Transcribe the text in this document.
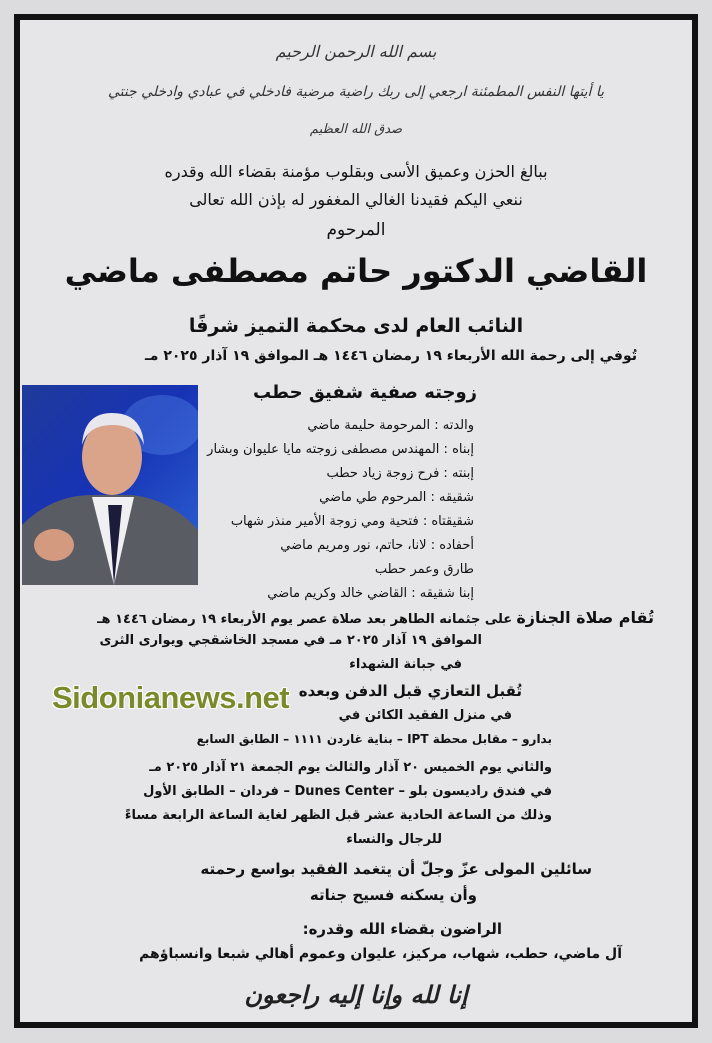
بسم الله الرحمن الرحيم
يا أيتها النفس المطمئنة ارجعي إلى ربك راضية مرضية فادخلي في عبادي وادخلي جنتي
صدق الله العظيم
ببالغ الحزن وعميق الأسى وبقلوب مؤمنة بقضاء الله وقدره
ننعي اليكم فقيدنا الغالي المغفور له بإذن الله تعالى
المرحوم
القاضي الدكتور حاتم مصطفى ماضي
النائب العام لدى محكمة التميز شرفًا
تُوفي إلى رحمة الله الأربعاء ١٩ رمضان ١٤٤٦ هـ الموافق ١٩ آذار ٢٠٢٥ مـ
زوجته صفية شفيق حطب
والدته : المرحومة حليمة ماضي
إبناه : المهندس مصطفى زوجته مايا عليوان وبشار
إبنته : فرح زوجة زياد حطب
شقيقه : المرحوم طي ماضي
شقيقتاه : فتحية ومي زوجة الأمير منذر شهاب
أحفاده : لانا، حاتم، نور ومريم ماضي
طارق وعمر حطب
إبنا شقيقه : القاضي خالد وكريم ماضي
تُقام صلاة الجنازة على جثمانه الطاهر بعد صلاة عصر يوم الأربعاء ١٩ رمضان ١٤٤٦ هـ
الموافق ١٩ آذار ٢٠٢٥ مـ في مسجد الخاشقجي ويوارى الثرى
في جبانة الشهداء
تُقبل التعازي قبل الدفن وبعده
في منزل الفقيد الكائن في
بدارو – مقابل محطة IPT – بناية غاردن ١١١١ – الطابق السابع
والثاني يوم الخميس ٢٠ آذار والثالث يوم الجمعة ٢١ آذار ٢٠٢٥ مـ
في فندق راديسون بلو – Dunes Center – فردان – الطابق الأول
وذلك من الساعة الحادية عشر قبل الظهر لغاية الساعة الرابعة مساءً
للرجال والنساء
سائلين المولى عزّ وجلّ أن يتغمد الفقيد بواسع رحمته
وأن يسكنه فسيح جناته
الراضون بقضاء الله وقدره:
آل ماضي، حطب، شهاب، مركيز، عليوان وعموم أهالي شبعا وانسباؤهم
إنا لله وإنا إليه راجعون
Sidonianews.net
